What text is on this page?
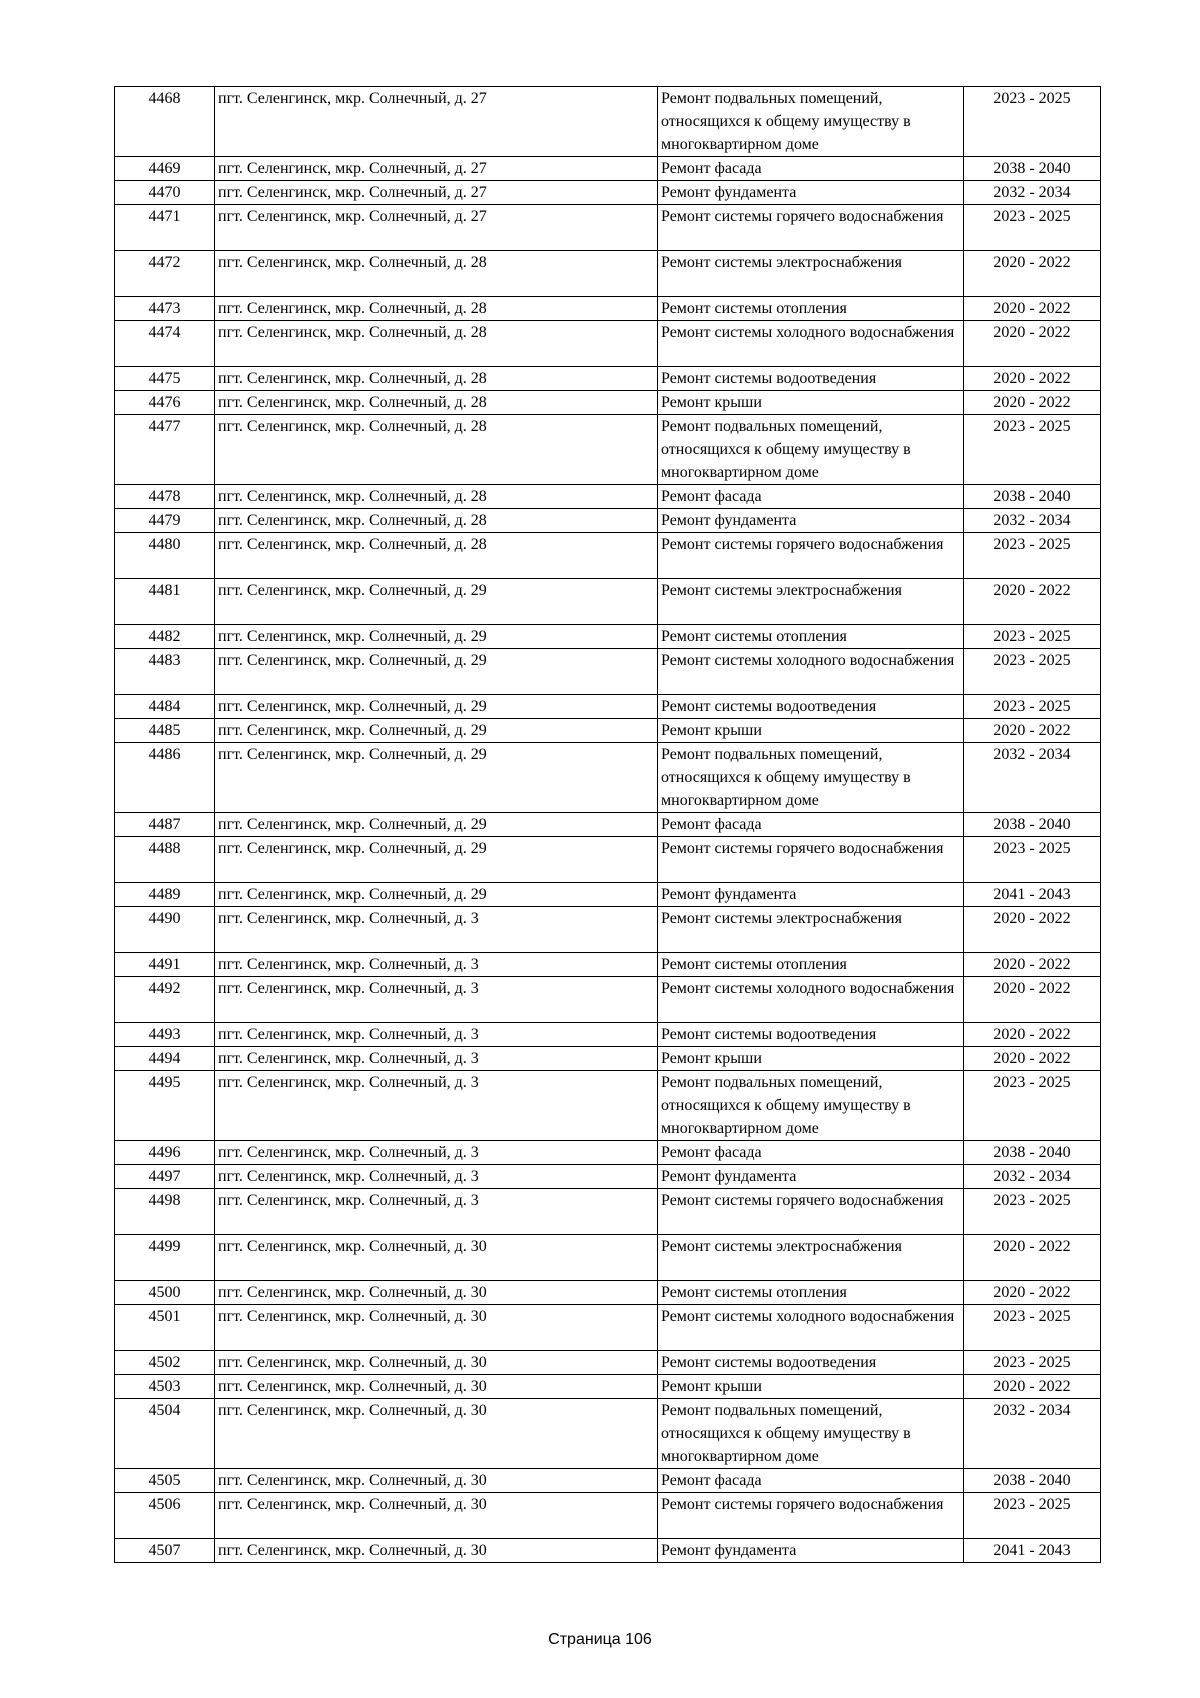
4468	пгт. Селенгинск, мкр. Солнечный, д. 27	Ремонт подвальных помещений, относящихся к общему имуществу в многоквартирном доме	2023 - 2025
4469	пгт. Селенгинск, мкр. Солнечный, д. 27	Ремонт фасада	2038 - 2040
4470	пгт. Селенгинск, мкр. Солнечный, д. 27	Ремонт фундамента	2032 - 2034
4471	пгт. Селенгинск, мкр. Солнечный, д. 27	Ремонт системы горячего водоснабжения	2023 - 2025
4472	пгт. Селенгинск, мкр. Солнечный, д. 28	Ремонт системы электроснабжения	2020 - 2022
4473	пгт. Селенгинск, мкр. Солнечный, д. 28	Ремонт системы отопления	2020 - 2022
4474	пгт. Селенгинск, мкр. Солнечный, д. 28	Ремонт системы холодного водоснабжения	2020 - 2022
4475	пгт. Селенгинск, мкр. Солнечный, д. 28	Ремонт системы водоотведения	2020 - 2022
4476	пгт. Селенгинск, мкр. Солнечный, д. 28	Ремонт крыши	2020 - 2022
4477	пгт. Селенгинск, мкр. Солнечный, д. 28	Ремонт подвальных помещений, относящихся к общему имуществу в многоквартирном доме	2023 - 2025
4478	пгт. Селенгинск, мкр. Солнечный, д. 28	Ремонт фасада	2038 - 2040
4479	пгт. Селенгинск, мкр. Солнечный, д. 28	Ремонт фундамента	2032 - 2034
4480	пгт. Селенгинск, мкр. Солнечный, д. 28	Ремонт системы горячего водоснабжения	2023 - 2025
4481	пгт. Селенгинск, мкр. Солнечный, д. 29	Ремонт системы электроснабжения	2020 - 2022
4482	пгт. Селенгинск, мкр. Солнечный, д. 29	Ремонт системы отопления	2023 - 2025
4483	пгт. Селенгинск, мкр. Солнечный, д. 29	Ремонт системы холодного водоснабжения	2023 - 2025
4484	пгт. Селенгинск, мкр. Солнечный, д. 29	Ремонт системы водоотведения	2023 - 2025
4485	пгт. Селенгинск, мкр. Солнечный, д. 29	Ремонт крыши	2020 - 2022
4486	пгт. Селенгинск, мкр. Солнечный, д. 29	Ремонт подвальных помещений, относящихся к общему имуществу в многоквартирном доме	2032 - 2034
4487	пгт. Селенгинск, мкр. Солнечный, д. 29	Ремонт фасада	2038 - 2040
4488	пгт. Селенгинск, мкр. Солнечный, д. 29	Ремонт системы горячего водоснабжения	2023 - 2025
4489	пгт. Селенгинск, мкр. Солнечный, д. 29	Ремонт фундамента	2041 - 2043
4490	пгт. Селенгинск, мкр. Солнечный, д. 3	Ремонт системы электроснабжения	2020 - 2022
4491	пгт. Селенгинск, мкр. Солнечный, д. 3	Ремонт системы отопления	2020 - 2022
4492	пгт. Селенгинск, мкр. Солнечный, д. 3	Ремонт системы холодного водоснабжения	2020 - 2022
4493	пгт. Селенгинск, мкр. Солнечный, д. 3	Ремонт системы водоотведения	2020 - 2022
4494	пгт. Селенгинск, мкр. Солнечный, д. 3	Ремонт крыши	2020 - 2022
4495	пгт. Селенгинск, мкр. Солнечный, д. 3	Ремонт подвальных помещений, относящихся к общему имуществу в многоквартирном доме	2023 - 2025
4496	пгт. Селенгинск, мкр. Солнечный, д. 3	Ремонт фасада	2038 - 2040
4497	пгт. Селенгинск, мкр. Солнечный, д. 3	Ремонт фундамента	2032 - 2034
4498	пгт. Селенгинск, мкр. Солнечный, д. 3	Ремонт системы горячего водоснабжения	2023 - 2025
4499	пгт. Селенгинск, мкр. Солнечный, д. 30	Ремонт системы электроснабжения	2020 - 2022
4500	пгт. Селенгинск, мкр. Солнечный, д. 30	Ремонт системы отопления	2020 - 2022
4501	пгт. Селенгинск, мкр. Солнечный, д. 30	Ремонт системы холодного водоснабжения	2023 - 2025
4502	пгт. Селенгинск, мкр. Солнечный, д. 30	Ремонт системы водоотведения	2023 - 2025
4503	пгт. Селенгинск, мкр. Солнечный, д. 30	Ремонт крыши	2020 - 2022
4504	пгт. Селенгинск, мкр. Солнечный, д. 30	Ремонт подвальных помещений, относящихся к общему имуществу в многоквартирном доме	2032 - 2034
4505	пгт. Селенгинск, мкр. Солнечный, д. 30	Ремонт фасада	2038 - 2040
4506	пгт. Селенгинск, мкр. Солнечный, д. 30	Ремонт системы горячего водоснабжения	2023 - 2025
4507	пгт. Селенгинск, мкр. Солнечный, д. 30	Ремонт фундамента	2041 - 2043
Страница 106
